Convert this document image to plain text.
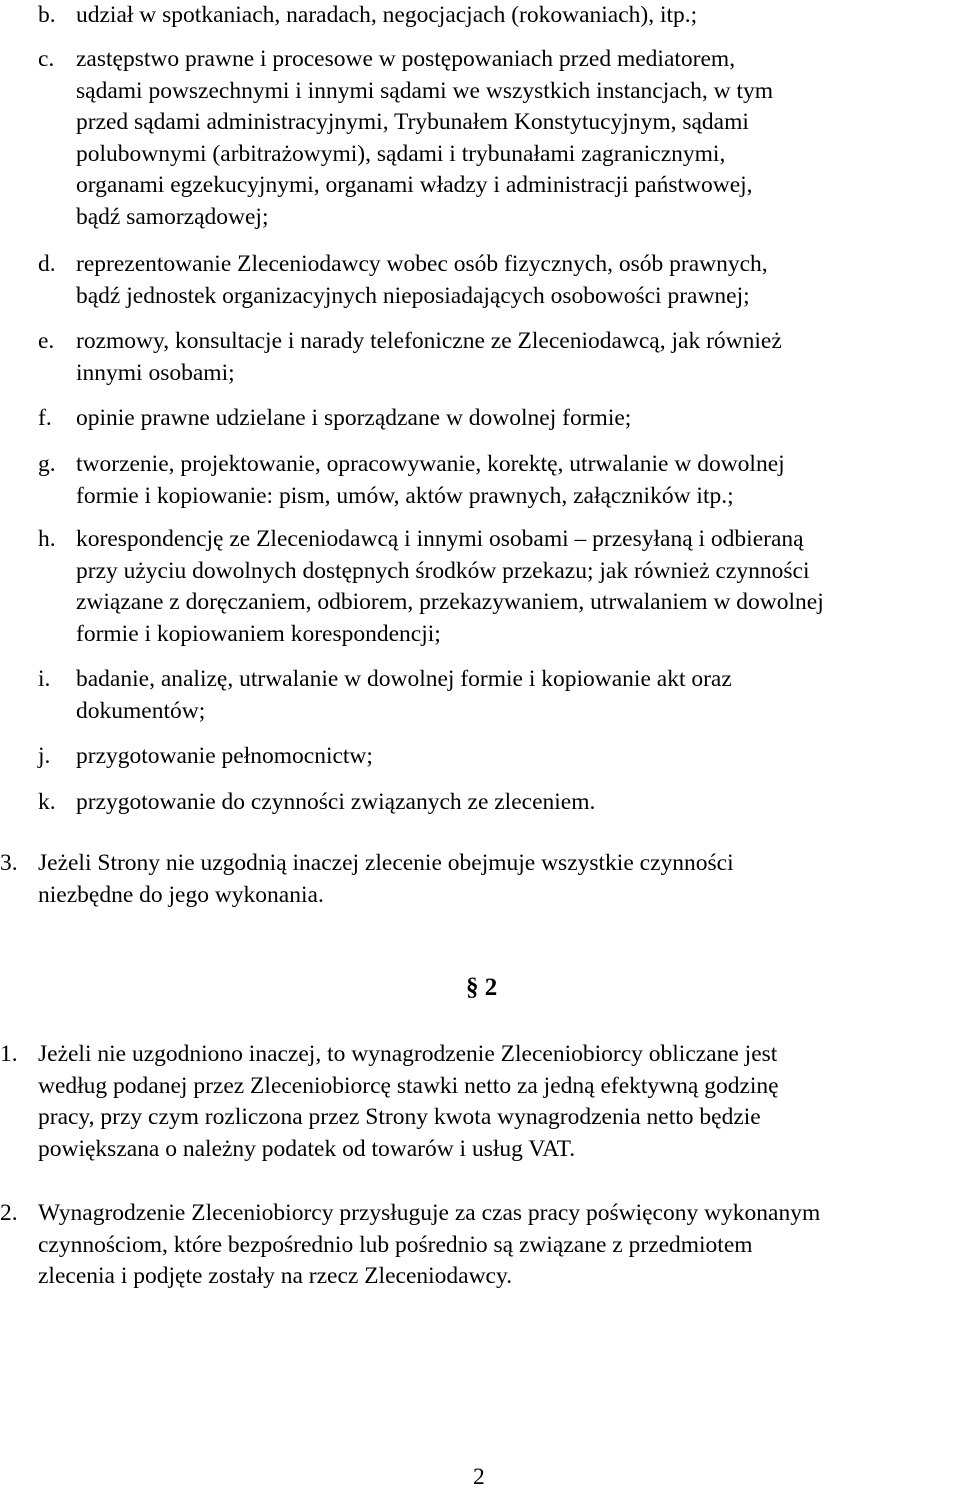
b. udział w spotkaniach, naradach, negocjacjach (rokowaniach), itp.;
c. zastępstwo prawne i procesowe w postępowaniach przed mediatorem,
sądami powszechnymi i innymi sądami we wszystkich instancjach, w tym
przed sądami administracyjnymi, Trybunałem Konstytucyjnym, sądami
polubownymi (arbitrażowymi), sądami i trybunałami zagranicznymi,
organami egzekucyjnymi, organami władzy i administracji państwowej,
bądź samorządowej;
d. reprezentowanie Zleceniodawcy wobec osób fizycznych, osób prawnych,
bądź jednostek organizacyjnych nieposiadających osobowości prawnej;
e. rozmowy, konsultacje i narady telefoniczne ze Zleceniodawcą, jak również
innymi osobami;
f. opinie prawne udzielane i sporządzane w dowolnej formie;
g. tworzenie, projektowanie, opracowywanie, korektę, utrwalanie w dowolnej
formie i kopiowanie: pism, umów, aktów prawnych, załączników itp.;
h. korespondencję ze Zleceniodawcą i innymi osobami – przesyłaną i odbieraną
przy użyciu dowolnych dostępnych środków przekazu; jak również czynności
związane z doręczaniem, odbiorem, przekazywaniem, utrwalaniem w dowolnej
formie i kopiowaniem korespondencji;
i. badanie, analizę, utrwalanie w dowolnej formie i kopiowanie akt oraz
dokumentów;
j. przygotowanie pełnomocnictw;
k. przygotowanie do czynności związanych ze zleceniem.
3. Jeżeli Strony nie uzgodnią inaczej zlecenie obejmuje wszystkie czynności
niezbędne do jego wykonania.
§ 2
1. Jeżeli nie uzgodniono inaczej, to wynagrodzenie Zleceniobiorcy obliczane jest
według podanej przez Zleceniobiorcę stawki netto za jedną efektywną godzinę
pracy, przy czym rozliczona przez Strony kwota wynagrodzenia netto będzie
powiększana o należny podatek od towarów i usług VAT.
2. Wynagrodzenie Zleceniobiorcy przysługuje za czas pracy poświęcony wykonanym
czynnościom, które bezpośrednio lub pośrednio są związane z przedmiotem
zlecenia i podjęte zostały na rzecz Zleceniodawcy.
2
